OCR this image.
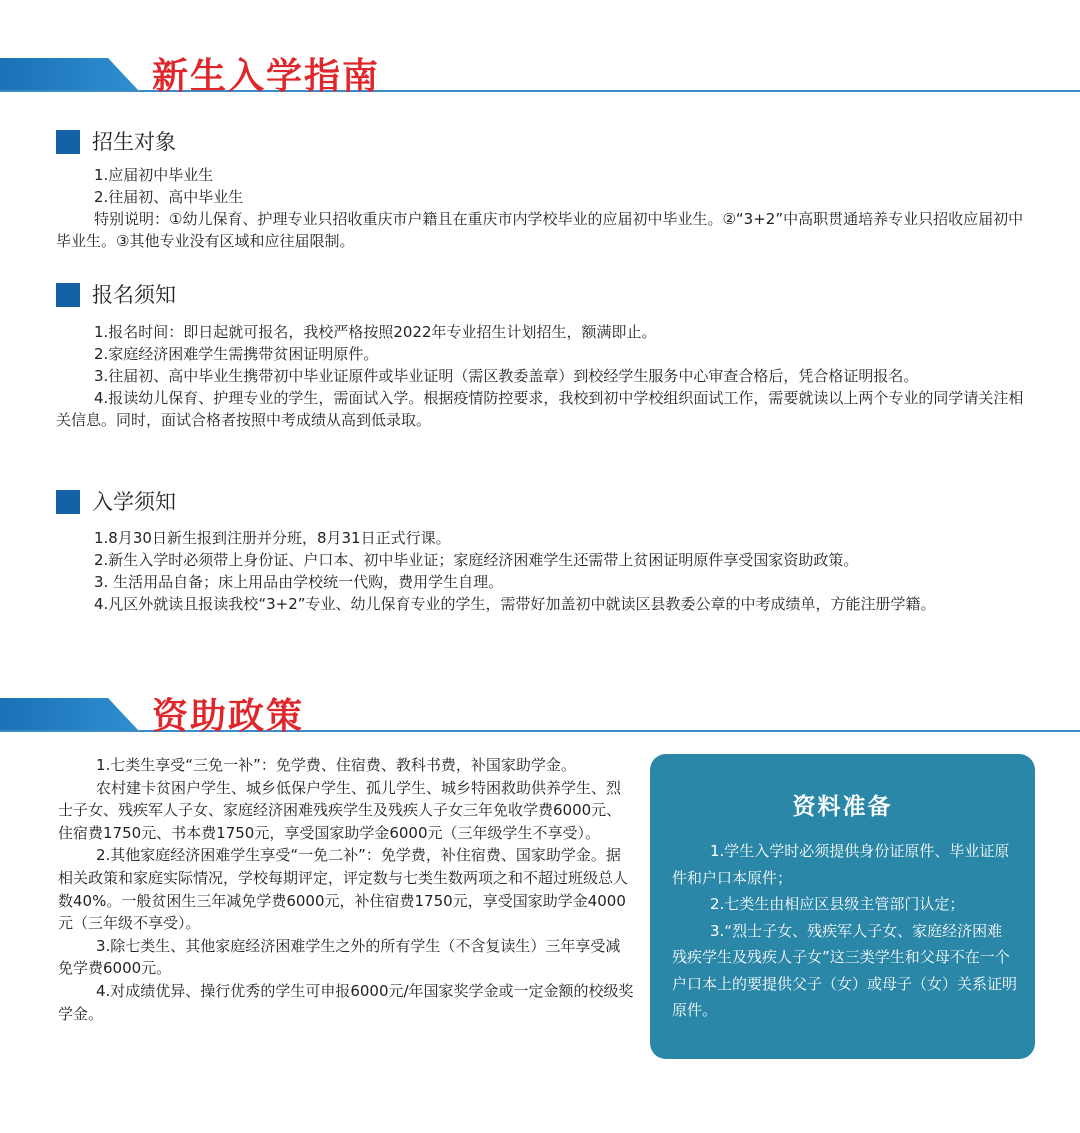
新生入学指南
招生对象

1.应届初中毕业生

2.往届初、高中毕业生

特别说明：①幼儿保育、护理专业只招收重庆市户籍且在重庆市内学校毕业的应届初中毕业生。②“3+2”中高职贯通培养专业只招收应届初中毕业生。③其他专业没有区域和应往届限制。

报名须知

1.报名时间：即日起就可报名，我校严格按照2022年专业招生计划招生，额满即止。

2.家庭经济困难学生需携带贫困证明原件。

3.往届初、高中毕业生携带初中毕业证原件或毕业证明（需区教委盖章）到校经学生服务中心审查合格后，凭合格证明报名。

4.报读幼儿保育、护理专业的学生，需面试入学。根据疫情防控要求，我校到初中学校组织面试工作，需要就读以上两个专业的同学请关注相关信息。同时，面试合格者按照中考成绩从高到低录取。

入学须知

1.8月30日新生报到注册并分班，8月31日正式行课。

2.新生入学时必须带上身份证、户口本、初中毕业证；家庭经济困难学生还需带上贫困证明原件享受国家资助政策。

3. 生活用品自备；床上用品由学校统一代购，费用学生自理。

4.凡区外就读且报读我校“3+2”专业、幼儿保育专业的学生，需带好加盖初中就读区县教委公章的中考成绩单，方能注册学籍。

资助政策

1.七类生享受“三免一补”：免学费、住宿费、教科书费，补国家助学金。

农村建卡贫困户学生、城乡低保户学生、孤儿学生、城乡特困救助供养学生、烈士子女、残疾军人子女、家庭经济困难残疾学生及残疾人子女三年免收学费6000元、住宿费1750元、书本费1750元，享受国家助学金6000元（三年级学生不享受）。

2.其他家庭经济困难学生享受“一免二补”：免学费，补住宿费、国家助学金。据相关政策和家庭实际情况，学校每期评定，评定数与七类生数两项之和不超过班级总人数40%。一般贫困生三年减免学费6000元，补住宿费1750元，享受国家助学金4000元（三年级不享受）。

3.除七类生、其他家庭经济困难学生之外的所有学生（不含复读生）三年享受减免学费6000元。

4.对成绩优异、操行优秀的学生可申报6000元/年国家奖学金或一定金额的校级奖学金。

资料准备

1.学生入学时必须提供身份证原件、毕业证原件和户口本原件；

2.七类生由相应区县级主管部门认定；

3.“烈士子女、残疾军人子女、家庭经济困难残疾学生及残疾人子女”这三类学生和父母不在一个户口本上的要提供父子（女）或母子（女）关系证明原件。
